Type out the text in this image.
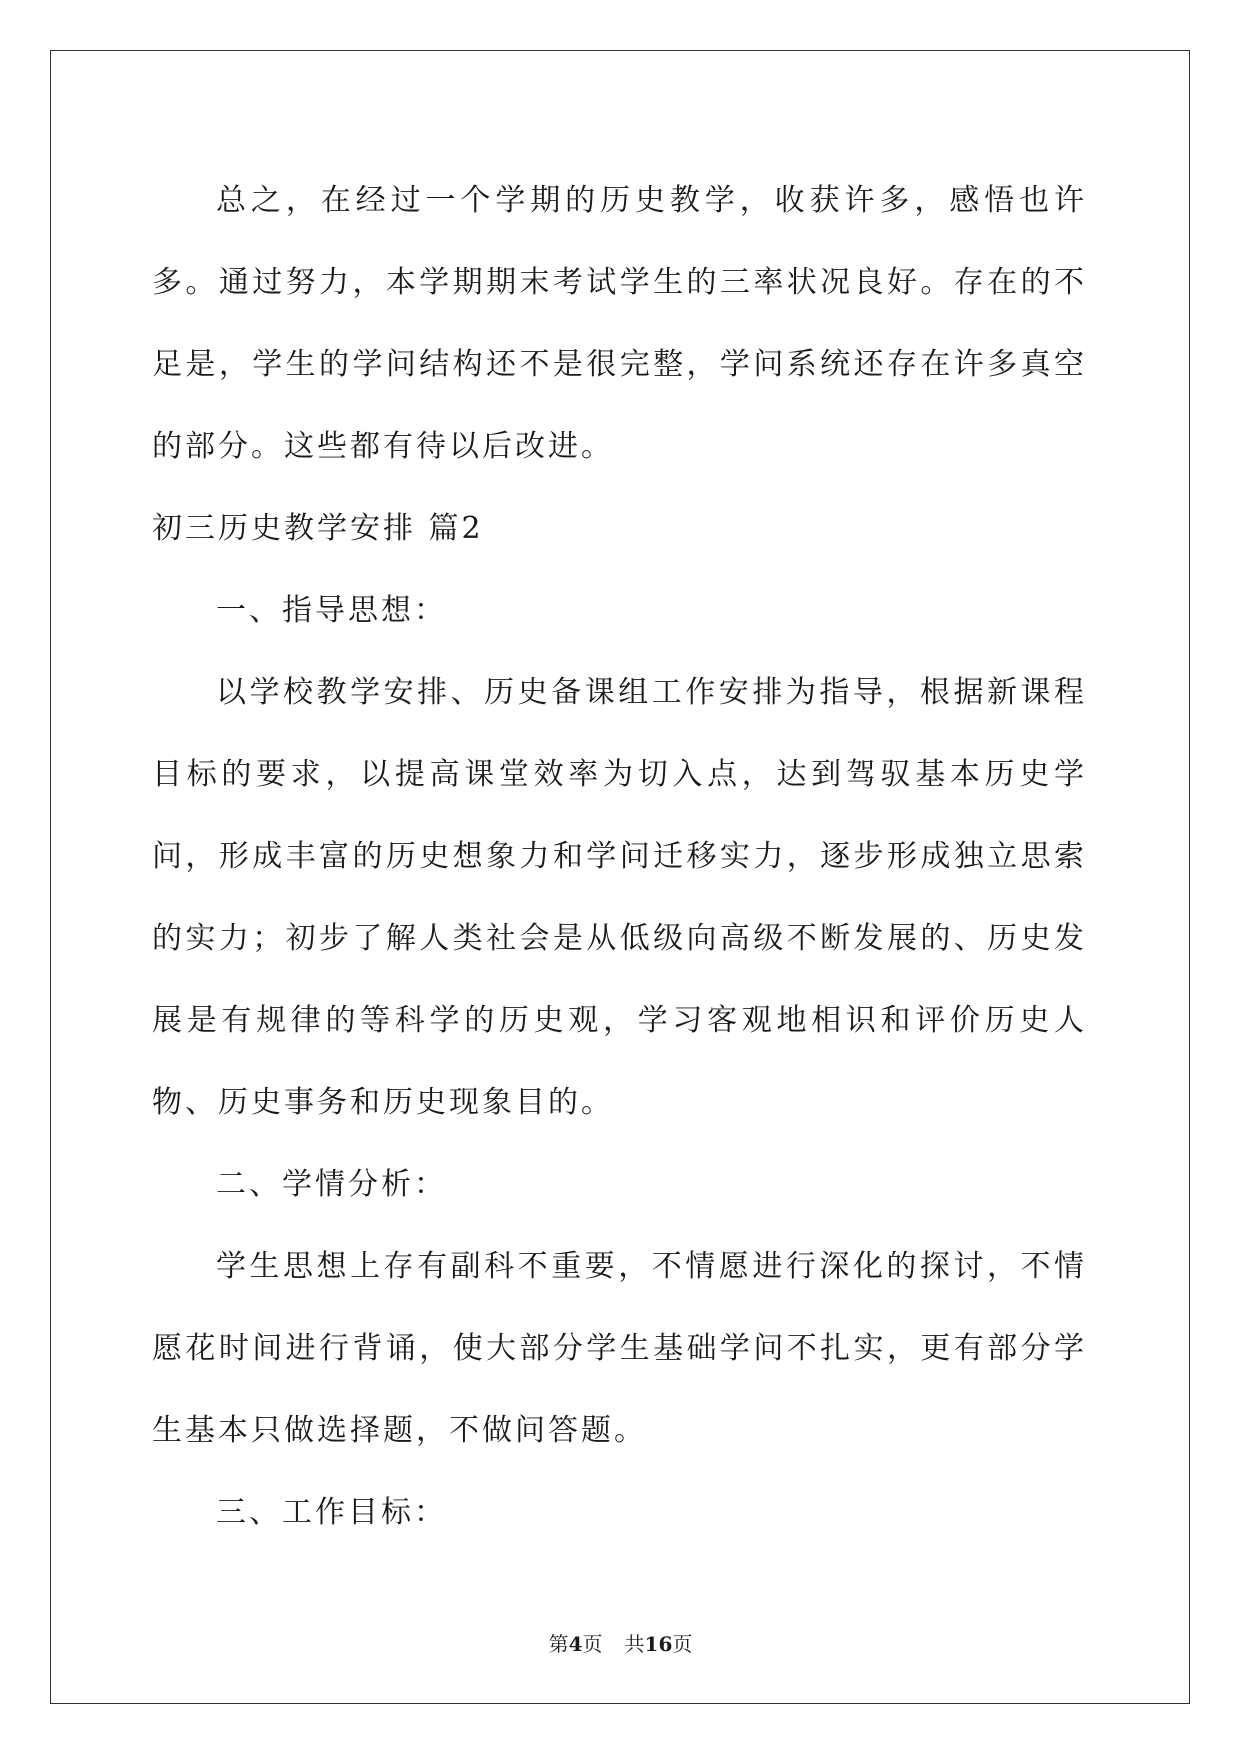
总之，在经过一个学期的历史教学，收获许多，感悟也许多。通过努力，本学期期末考试学生的三率状况良好。存在的不足是，学生的学问结构还不是很完整，学问系统还存在许多真空的部分。这些都有待以后改进。

初三历史教学安排 篇2

一、指导思想：

以学校教学安排、历史备课组工作安排为指导，根据新课程目标的要求，以提高课堂效率为切入点，达到驾驭基本历史学问，形成丰富的历史想象力和学问迁移实力，逐步形成独立思索的实力；初步了解人类社会是从低级向高级不断发展的、历史发展是有规律的等科学的历史观，学习客观地相识和评价历史人物、历史事务和历史现象目的。

二、学情分析：

学生思想上存有副科不重要，不情愿进行深化的探讨，不情愿花时间进行背诵，使大部分学生基础学问不扎实，更有部分学生基本只做选择题，不做问答题。

三、工作目标：

第4页 共16页
